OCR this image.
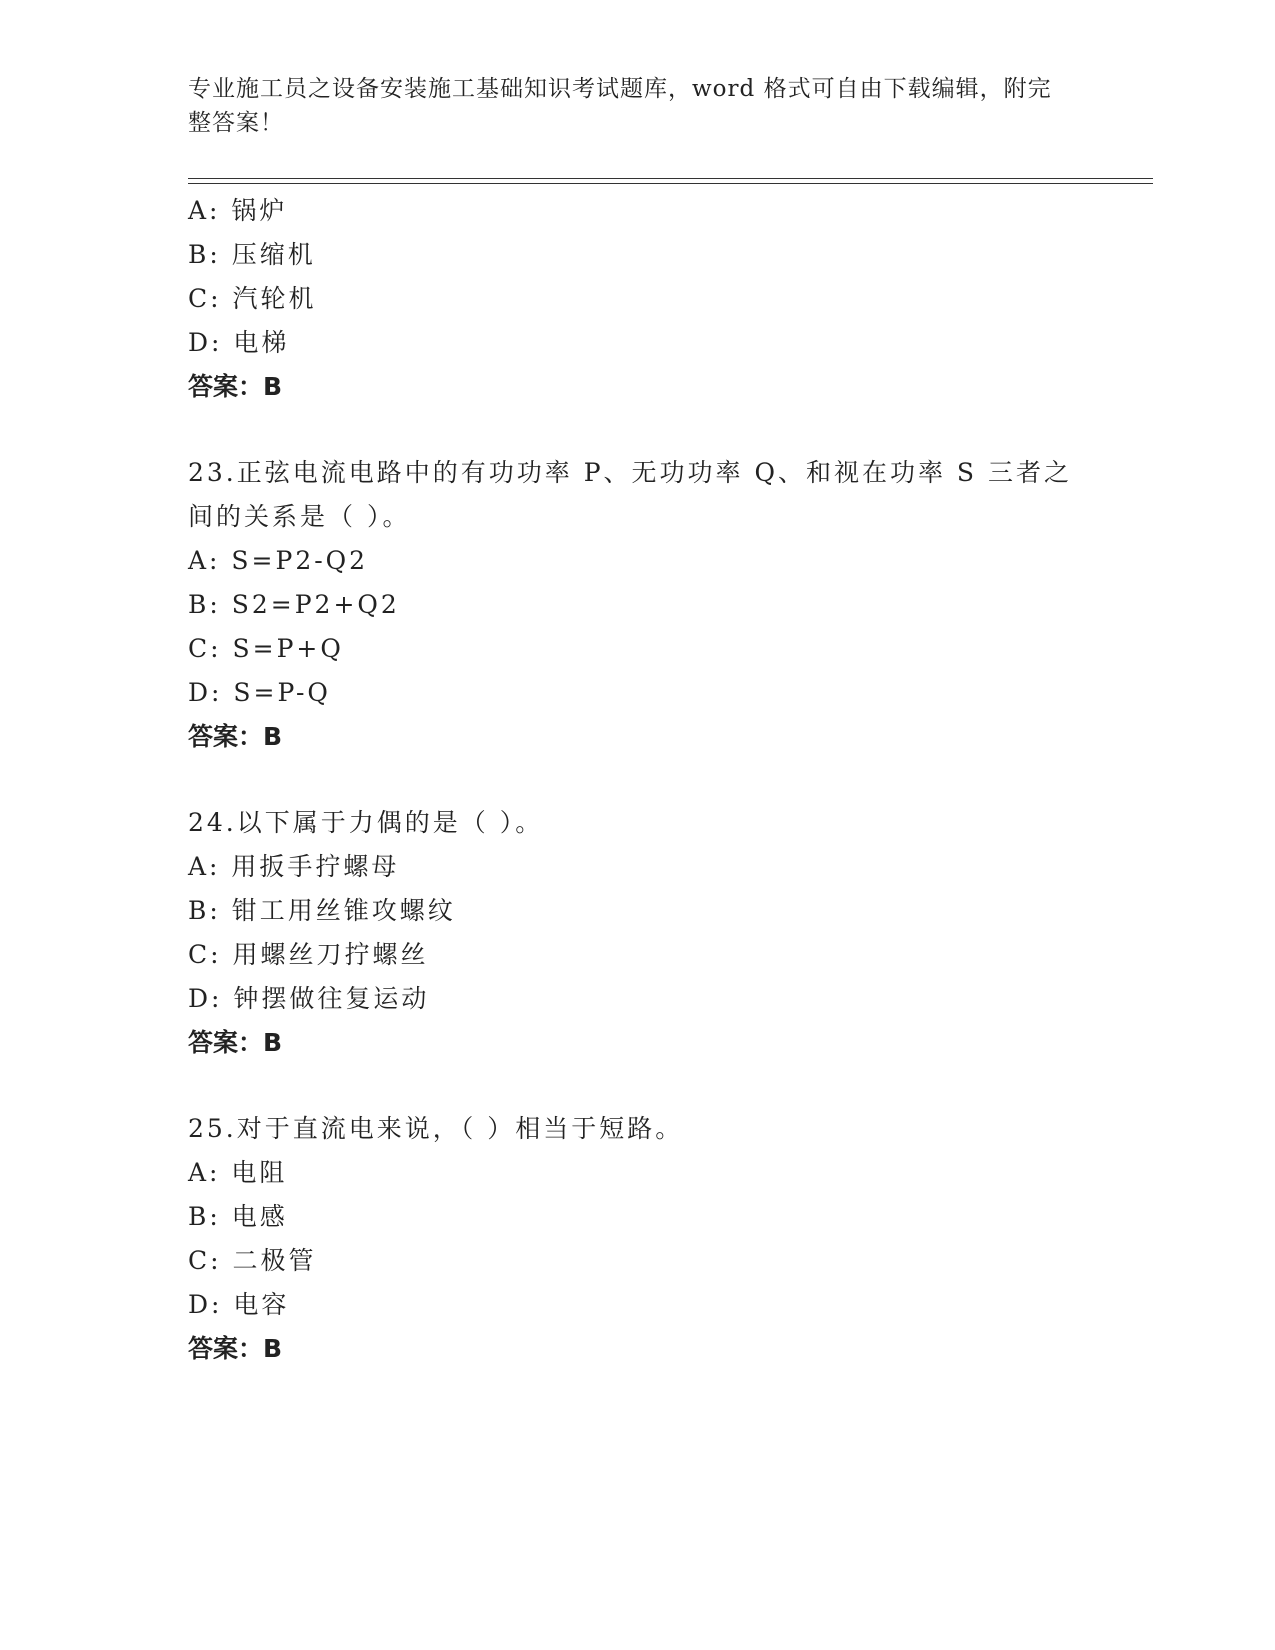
专业施工员之设备安装施工基础知识考试题库，word 格式可自由下载编辑，附完
整答案！
A: 锅炉
B: 压缩机
C: 汽轮机
D: 电梯
答案：B
23.正弦电流电路中的有功功率 P、无功功率 Q、和视在功率 S 三者之
间的关系是（ ）。
A: S=P2-Q2
B: S2=P2+Q2
C: S=P+Q
D: S=P-Q
答案：B
24.以下属于力偶的是（ ）。
A: 用扳手拧螺母
B: 钳工用丝锥攻螺纹
C: 用螺丝刀拧螺丝
D: 钟摆做往复运动
答案：B
25.对于直流电来说，（ ）相当于短路。
A: 电阻
B: 电感
C: 二极管
D: 电容
答案：B
